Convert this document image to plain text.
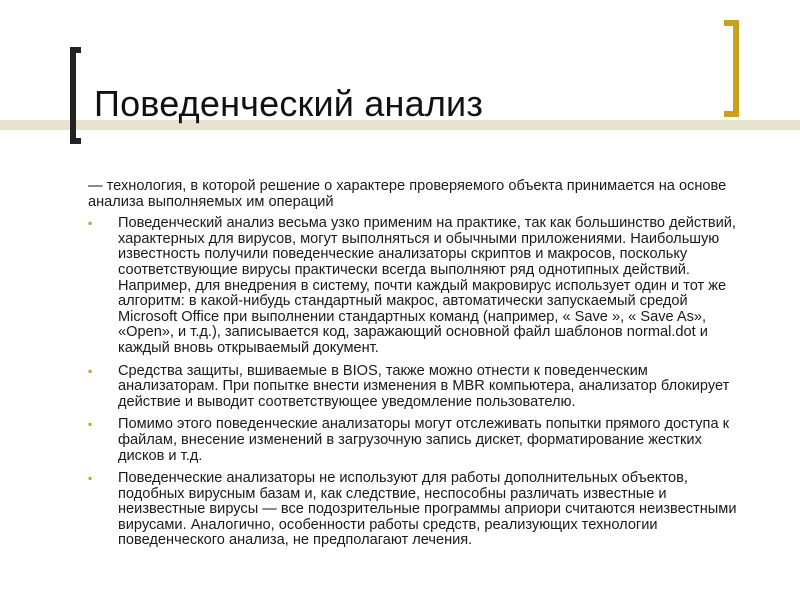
Поведенческий анализ

— технология, в которой решение о характере проверяемого объекта принимается на основе анализа выполняемых им операций

▪ Поведенческий анализ весьма узко применим на практике, так как большинство действий, характерных для вирусов, могут выполняться и обычными приложениями. Наибольшую известность получили поведенческие анализаторы скриптов и макросов, поскольку соответствующие вирусы практически всегда выполняют ряд однотипных действий. Например, для внедрения в систему, почти каждый макровирус использует один и тот же алгоритм: в какой-нибудь стандартный макрос, автоматически запускаемый средой Microsoft Office при выполнении стандартных команд (например, « Save », « Save As», «Open», и т.д.), записывается код, заражающий основной файл шаблонов normal.dot и каждый вновь открываемый документ.
▪ Средства защиты, вшиваемые в BIOS, также можно отнести к поведенческим анализаторам. При попытке внести изменения в MBR компьютера, анализатор блокирует действие и выводит соответствующее уведомление пользователю.
▪ Помимо этого поведенческие анализаторы могут отслеживать попытки прямого доступа к файлам, внесение изменений в загрузочную запись дискет, форматирование жестких дисков и т.д.
▪ Поведенческие анализаторы не используют для работы дополнительных объектов, подобных вирусным базам и, как следствие, неспособны различать известные и неизвестные вирусы — все подозрительные программы априори считаются неизвестными вирусами. Аналогично, особенности работы средств, реализующих технологии поведенческого анализа, не предполагают лечения.
